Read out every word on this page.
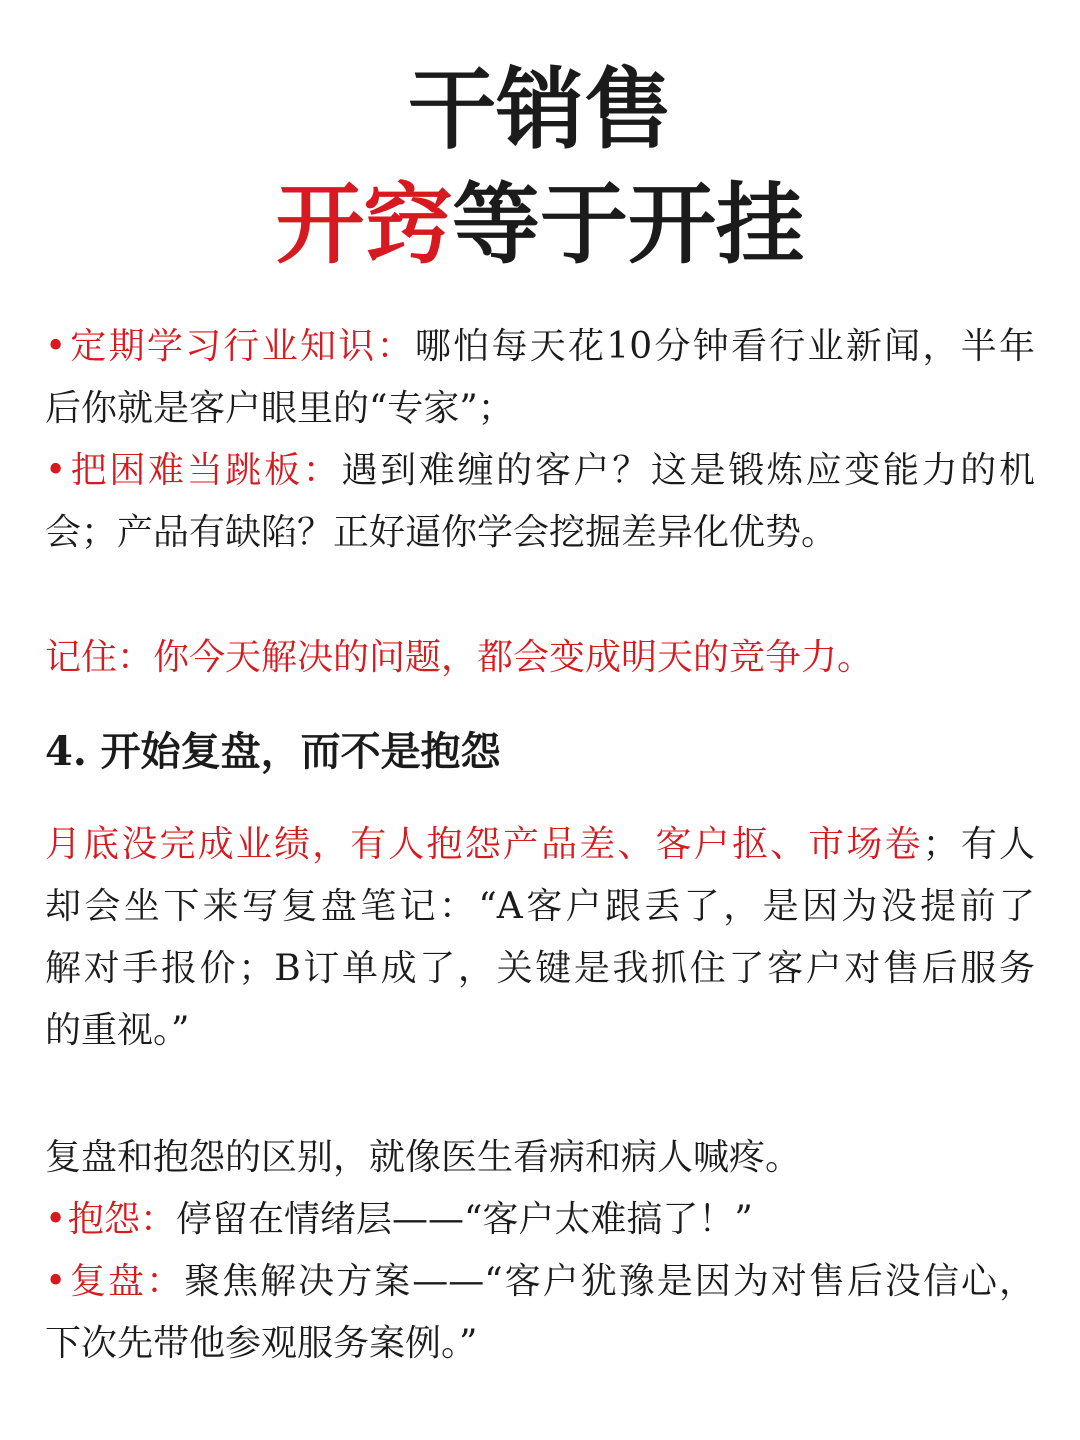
干销售
开窍等于开挂
•定期学习行业知识：哪怕每天花10分钟看行业新闻，半年
后你就是客户眼里的“专家”；
•把困难当跳板：遇到难缠的客户？这是锻炼应变能力的机
会；产品有缺陷？正好逼你学会挖掘差异化优势。
记住：你今天解决的问题，都会变成明天的竞争力。
4. 开始复盘，而不是抱怨
月底没完成业绩，有人抱怨产品差、客户抠、市场卷；有人
却会坐下来写复盘笔记：“A客户跟丢了，是因为没提前了
解对手报价；B订单成了，关键是我抓住了客户对售后服务
的重视。”
复盘和抱怨的区别，就像医生看病和病人喊疼。
•抱怨：停留在情绪层——“客户太难搞了！”
•复盘：聚焦解决方案——“客户犹豫是因为对售后没信心，
下次先带他参观服务案例。”
